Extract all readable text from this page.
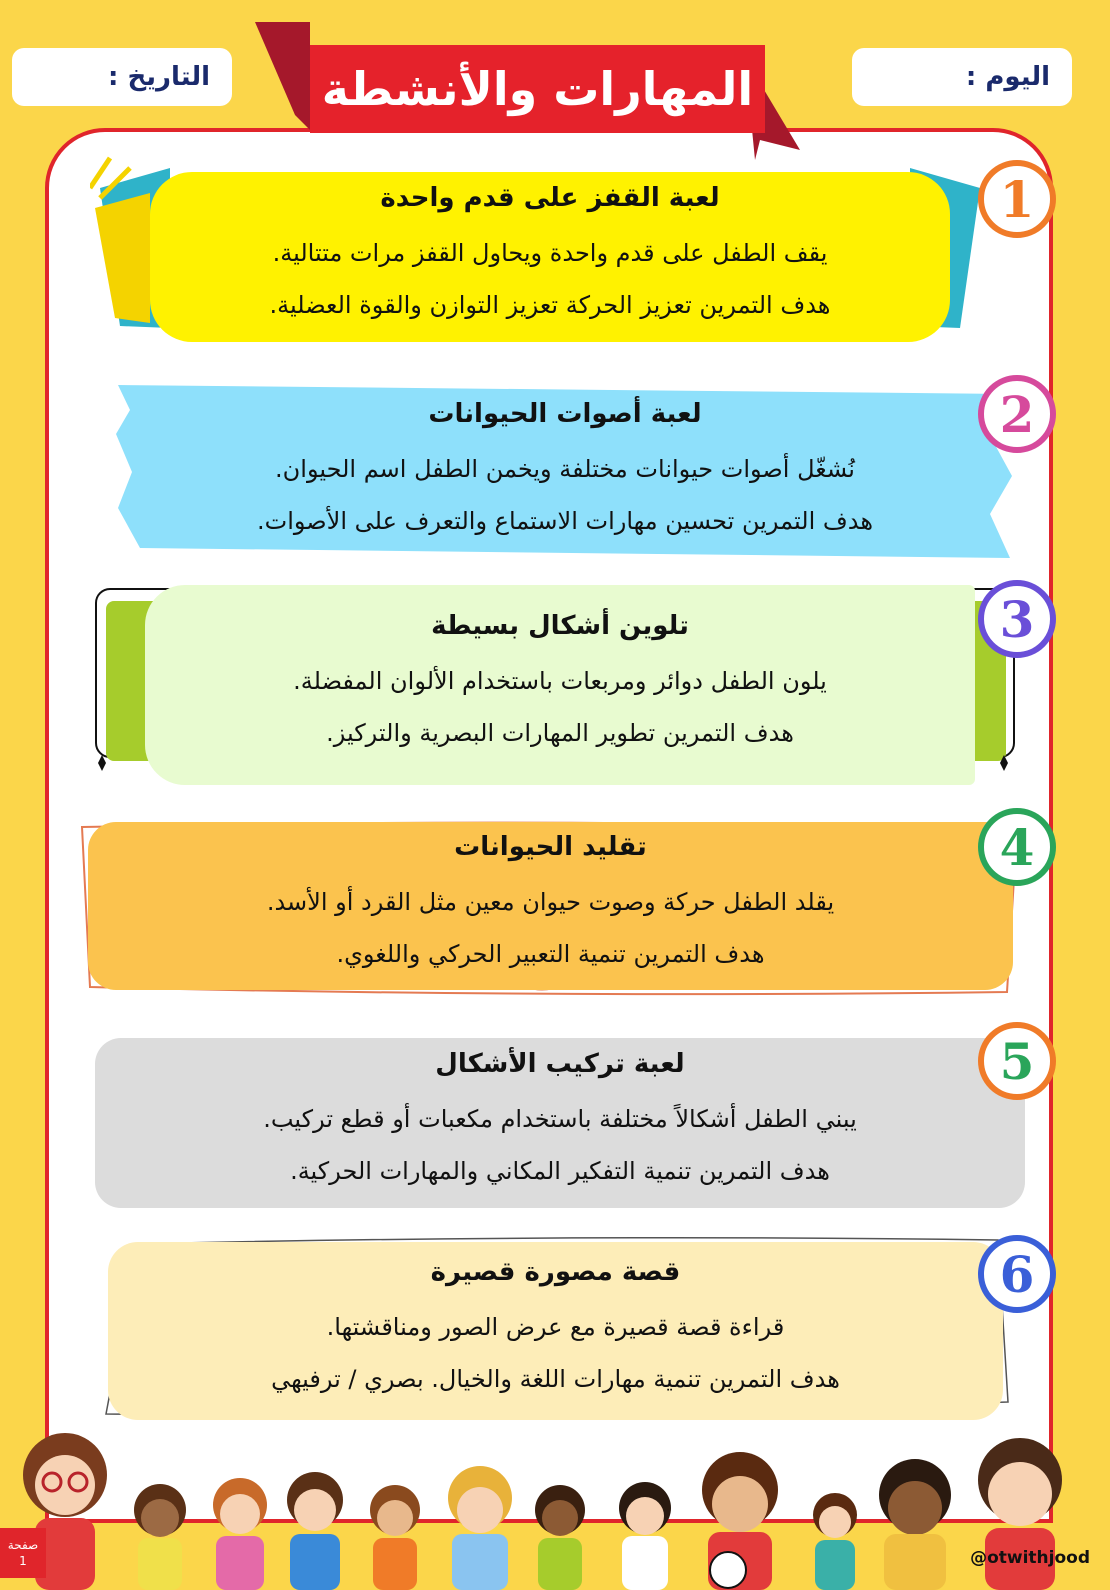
اليوم :
التاريخ : المهارات والأنشطة
لعبة القفز على قدم واحدة
يقف الطفل على قدم واحدة ويحاول القفز مرات متتالية.
هدف التمرين تعزيز الحركة تعزيز التوازن والقوة العضلية.
لعبة أصوات الحيوانات
نُشغّل أصوات حيوانات مختلفة ويخمن الطفل اسم الحيوان.
هدف التمرين تحسين مهارات الاستماع والتعرف على الأصوات.
تلوين أشكال بسيطة
يلون الطفل دوائر ومربعات باستخدام الألوان المفضلة.
هدف التمرين تطوير المهارات البصرية والتركيز.
تقليد الحيوانات
يقلد الطفل حركة وصوت حيوان معين مثل القرد أو الأسد.
هدف التمرين تنمية التعبير الحركي واللغوي.
لعبة تركيب الأشكال
يبني الطفل أشكالاً مختلفة باستخدام مكعبات أو قطع تركيب.
هدف التمرين تنمية التفكير المكاني والمهارات الحركية.
قصة مصورة قصيرة
قراءة قصة قصيرة مع عرض الصور ومناقشتها.
هدف التمرين تنمية مهارات اللغة والخيال. بصري / ترفيهي
1
2
3
4
5
6
صفحة
1	@otwithjood
